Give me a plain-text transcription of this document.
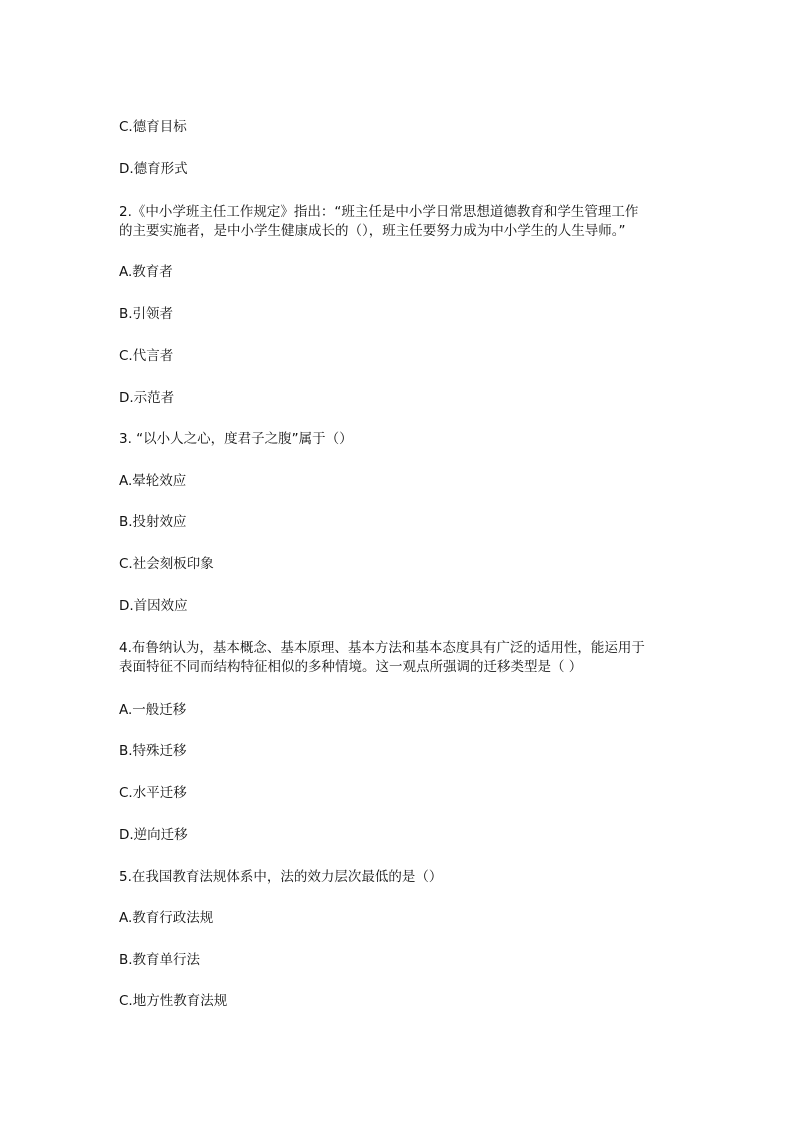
C.德育目标
D.德育形式
2.《中小学班主任工作规定》指出：“班主任是中小学日常思想道德教育和学生管理工作
的主要实施者，是中小学生健康成长的（），班主任要努力成为中小学生的人生导师。”
A.教育者
B.引领者
C.代言者
D.示范者
3. “以小人之心，度君子之腹”属于（）
A.晕轮效应
B.投射效应
C.社会刻板印象
D.首因效应
4.布鲁纳认为，基本概念、基本原理、基本方法和基本态度具有广泛的适用性，能运用于
表面特征不同而结构特征相似的多种情境。这一观点所强调的迁移类型是（ ）
A.一般迁移
B.特殊迁移
C.水平迁移
D.逆向迁移
5.在我国教育法规体系中，法的效力层次最低的是（）
A.教育行政法规
B.教育单行法
C.地方性教育法规
